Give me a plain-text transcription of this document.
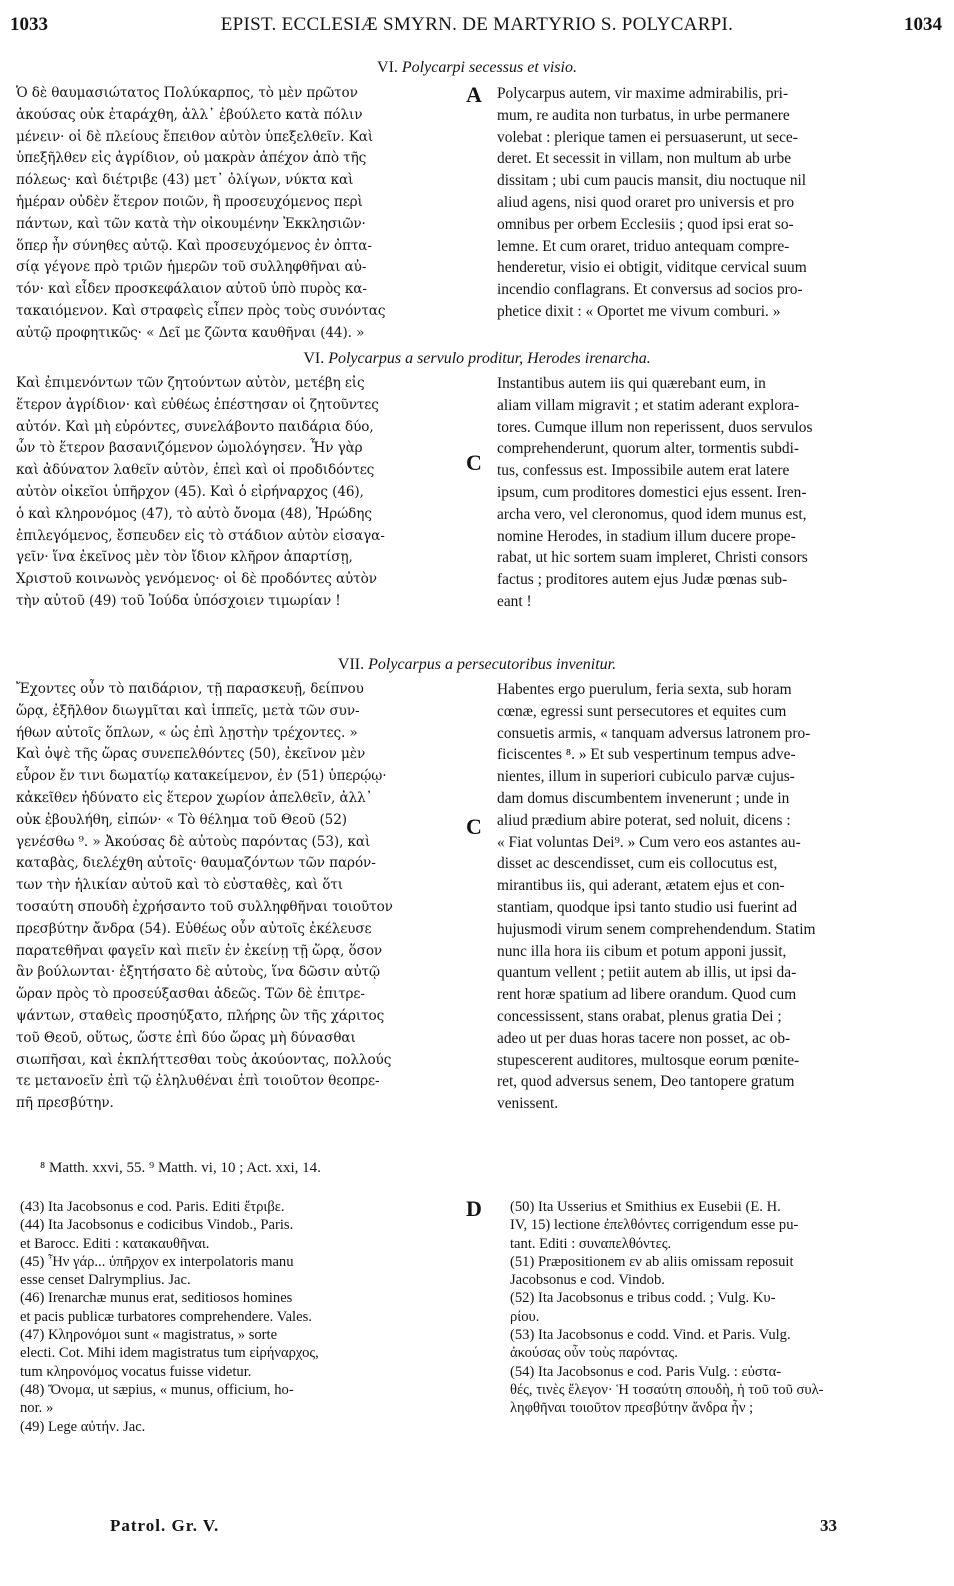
1033	EPIST. ECCLESIÆ SMYRN. DE MARTYRIO S. POLYCARPI.	1034
VI. Polycarpi secessus et visio.
Ὁ δὲ θαυμασιώτατος Πολύκαρπος, τὸ μὲν πρῶτον
ἀκούσας οὐκ ἐταράχθη, ἀλλ᾽ ἐβούλετο κατὰ πόλιν
μένειν· οἱ δὲ πλείους ἔπειθον αὐτὸν ὑπεξελθεῖν. Καὶ
ὑπεξῆλθεν εἰς ἀγρίδιον, οὐ μακρὰν ἀπέχον ἀπὸ τῆς
πόλεως· καὶ διέτριβε (43) μετ᾽ ὀλίγων, νύκτα καὶ
ἡμέραν οὐδὲν ἕτερον ποιῶν, ἢ προσευχόμενος περὶ
πάντων, καὶ τῶν κατὰ τὴν οἰκουμένην Ἐκκλησιῶν·
ὅπερ ἦν σύνηθες αὐτῷ. Καὶ προσευχόμενος ἐν ὀπτα-
σίᾳ γέγονε πρὸ τριῶν ἡμερῶν τοῦ συλληφθῆναι αὐ-
τόν· καὶ εἶδεν προσκεφάλαιον αὐτοῦ ὑπὸ πυρὸς κα-
τακαιόμενον. Καὶ στραφεὶς εἶπεν πρὸς τοὺς συνόντας
αὐτῷ προφητικῶς· « Δεῖ με ζῶντα καυθῆναι (44). »
Polycarpus autem, vir maxime admirabilis, pri-
mum, re audita non turbatus, in urbe permanere
volebat : plerique tamen ei persuaserunt, ut sece-
deret. Et secessit in villam, non multum ab urbe
dissitam ; ubi cum paucis mansit, diu noctuque nil
aliud agens, nisi quod oraret pro universis et pro
omnibus per orbem Ecclesiis ; quod ipsi erat so-
lemne. Et cum oraret, triduo antequam compre-
henderetur, visio ei obtigit, viditque cervical suum
incendio conflagrans. Et conversus ad socios pro-
phetice dixit : « Oportet me vivum comburi. »
A
VI. Polycarpus a servulo proditur, Herodes irenarcha.
Καὶ ἐπιμενόντων τῶν ζητούντων αὐτὸν, μετέβη εἰς
ἕτερον ἀγρίδιον· καὶ εὐθέως ἐπέστησαν οἱ ζητοῦντες
αὐτόν. Καὶ μὴ εὑρόντες, συνελάβοντο παιδάρια δύο,
ὧν τὸ ἕτερον βασανιζόμενον ὡμολόγησεν. Ἦν γὰρ
καὶ ἀδύνατον λαθεῖν αὐτὸν, ἐπεὶ καὶ οἱ προδιδόντες
αὐτὸν οἰκεῖοι ὑπῆρχον (45). Καὶ ὁ εἰρήναρχος (46),
ὁ καὶ κληρονόμος (47), τὸ αὐτὸ ὄνομα (48), Ἡρώδης
ἐπιλεγόμενος, ἔσπευδεν εἰς τὸ στάδιον αὐτὸν εἰσαγα-
γεῖν· ἵνα ἐκεῖνος μὲν τὸν ἴδιον κλῆρον ἀπαρτίσῃ,
Χριστοῦ κοινωνὸς γενόμενος· οἱ δὲ προδόντες αὐτὸν
τὴν αὐτοῦ (49) τοῦ Ἰούδα ὑπόσχοιεν τιμωρίαν !
Instantibus autem iis qui quærebant eum, in
aliam villam migravit ; et statim aderant explora-
tores. Cumque illum non reperissent, duos servulos
comprehenderunt, quorum alter, tormentis subdi-
tus, confessus est. Impossibile autem erat latere
ipsum, cum proditores domestici ejus essent. Iren-
archa vero, vel cleronomus, quod idem munus est,
nomine Herodes, in stadium illum ducere prope-
rabat, ut hic sortem suam impleret, Christi consors
factus ; proditores autem ejus Judæ pœnas sub-
eant !
C
VII. Polycarpus a persecutoribus invenitur.
Ἔχοντες οὖν τὸ παιδάριον, τῇ παρασκευῇ, δείπνου
ὥρᾳ, ἐξῆλθον διωγμῖται καὶ ἱππεῖς, μετὰ τῶν συν-
ήθων αὐτοῖς ὅπλων, « ὡς ἐπὶ λῃστὴν τρέχοντες. »
Καὶ ὀψὲ τῆς ὥρας συνεπελθόντες (50), ἐκεῖνον μὲν
εὗρον ἔν τινι δωματίῳ κατακείμενον, ἐν (51) ὑπερῴῳ·
κἀκεῖθεν ἠδύνατο εἰς ἕτερον χωρίον ἀπελθεῖν, ἀλλ᾽
οὐκ ἐβουλήθη, εἰπών· « Τὸ θέλημα τοῦ Θεοῦ (52)
γενέσθω ⁹. » Ἀκούσας δὲ αὐτοὺς παρόντας (53), καὶ
καταβὰς, διελέχθη αὐτοῖς· θαυμαζόντων τῶν παρόν-
των τὴν ἡλικίαν αὐτοῦ καὶ τὸ εὐσταθὲς, καὶ ὅτι
τοσαύτη σπουδὴ ἐχρήσαντο τοῦ συλληφθῆναι τοιοῦτον
πρεσβύτην ἄνδρα (54). Εὐθέως οὖν αὐτοῖς ἐκέλευσε
παρατεθῆναι φαγεῖν καὶ πιεῖν ἐν ἐκείνῃ τῇ ὥρᾳ, ὅσον
ἂν βούλωνται· ἐξητήσατο δὲ αὐτοὺς, ἵνα δῶσιν αὐτῷ
ὥραν πρὸς τὸ προσεύξασθαι ἀδεῶς. Τῶν δὲ ἐπιτρε-
ψάντων, σταθεὶς προσηύξατο, πλήρης ὢν τῆς χάριτος
τοῦ Θεοῦ, οὕτως, ὥστε ἐπὶ δύο ὥρας μὴ δύνασθαι
σιωπῆσαι, καὶ ἐκπλήττεσθαι τοὺς ἀκούοντας, πολλούς
τε μετανοεῖν ἐπὶ τῷ ἐληλυθέναι ἐπὶ τοιοῦτον θεοπρε-
πῆ πρεσβύτην.
Habentes ergo puerulum, feria sexta, sub horam
cœnæ, egressi sunt persecutores et equites cum
consuetis armis, « tanquam adversus latronem pro-
ficiscentes ⁸. » Et sub vespertinum tempus adve-
nientes, illum in superiori cubiculo parvæ cujus-
dam domus discumbentem invenerunt ; unde in
aliud prædium abire poterat, sed noluit, dicens :
« Fiat voluntas Dei⁹. » Cum vero eos astantes au-
disset ac descendisset, cum eis collocutus est,
mirantibus iis, qui aderant, ætatem ejus et con-
stantiam, quodque ipsi tanto studio usi fuerint ad
hujusmodi virum senem comprehendendum. Statim
nunc illa hora iis cibum et potum apponi jussit,
quantum vellent ; petiit autem ab illis, ut ipsi da-
rent horæ spatium ad libere orandum. Quod cum
concessissent, stans orabat, plenus gratia Dei ;
adeo ut per duas horas tacere non posset, ac ob-
stupescerent auditores, multosque eorum pœnite-
ret, quod adversus senem, Deo tantopere gratum
venissent.
C
⁸ Matth. xxvi, 55. ⁹ Matth. vi, 10 ; Act. xxi, 14.
(43) Ita Jacobsonus e cod. Paris. Editi ἔτριβε.
(44) Ita Jacobsonus e codicibus Vindob., Paris.
et Barocc. Editi : κατακαυθῆναι.
(45) Ἦν γάρ... ὑπῆρχον ex interpolatoris manu
esse censet Dalrymplius. Jac.
(46) Irenarchæ munus erat, seditiosos homines
et pacis publicæ turbatores comprehendere. Vales.
(47) Κληρονόμοι sunt « magistratus, » sorte
electi. Cot. Mihi idem magistratus tum εἰρήναρχος,
tum κληρονόμος vocatus fuisse videtur.
(48) Ὄνομα, ut sæpius, « munus, officium, ho-
nor. »
(49) Lege αὐτήν. Jac.
D (50) Ita Usserius et Smithius ex Eusebii (E. H.
IV, 15) lectione ἐπελθόντες corrigendum esse pu-
tant. Editi : συναπελθόντες.
(51) Præpositionem εν ab aliis omissam reposuit
Jacobsonus e cod. Vindob.
(52) Ita Jacobsonus e tribus codd. ; Vulg. Κυ-
ρίου.
(53) Ita Jacobsonus e codd. Vind. et Paris. Vulg.
ἀκούσας οὖν τοὺς παρόντας.
(54) Ita Jacobsonus e cod. Paris Vulg. : εὐστα-
θές, τινὲς ἔλεγον· Ἡ τοσαύτη σπουδὴ, ἡ τοῦ τοῦ συλ-
ληφθῆναι τοιοῦτον πρεσβύτην ἄνδρα ἦν ;
Patrol. Gr. V.	33
